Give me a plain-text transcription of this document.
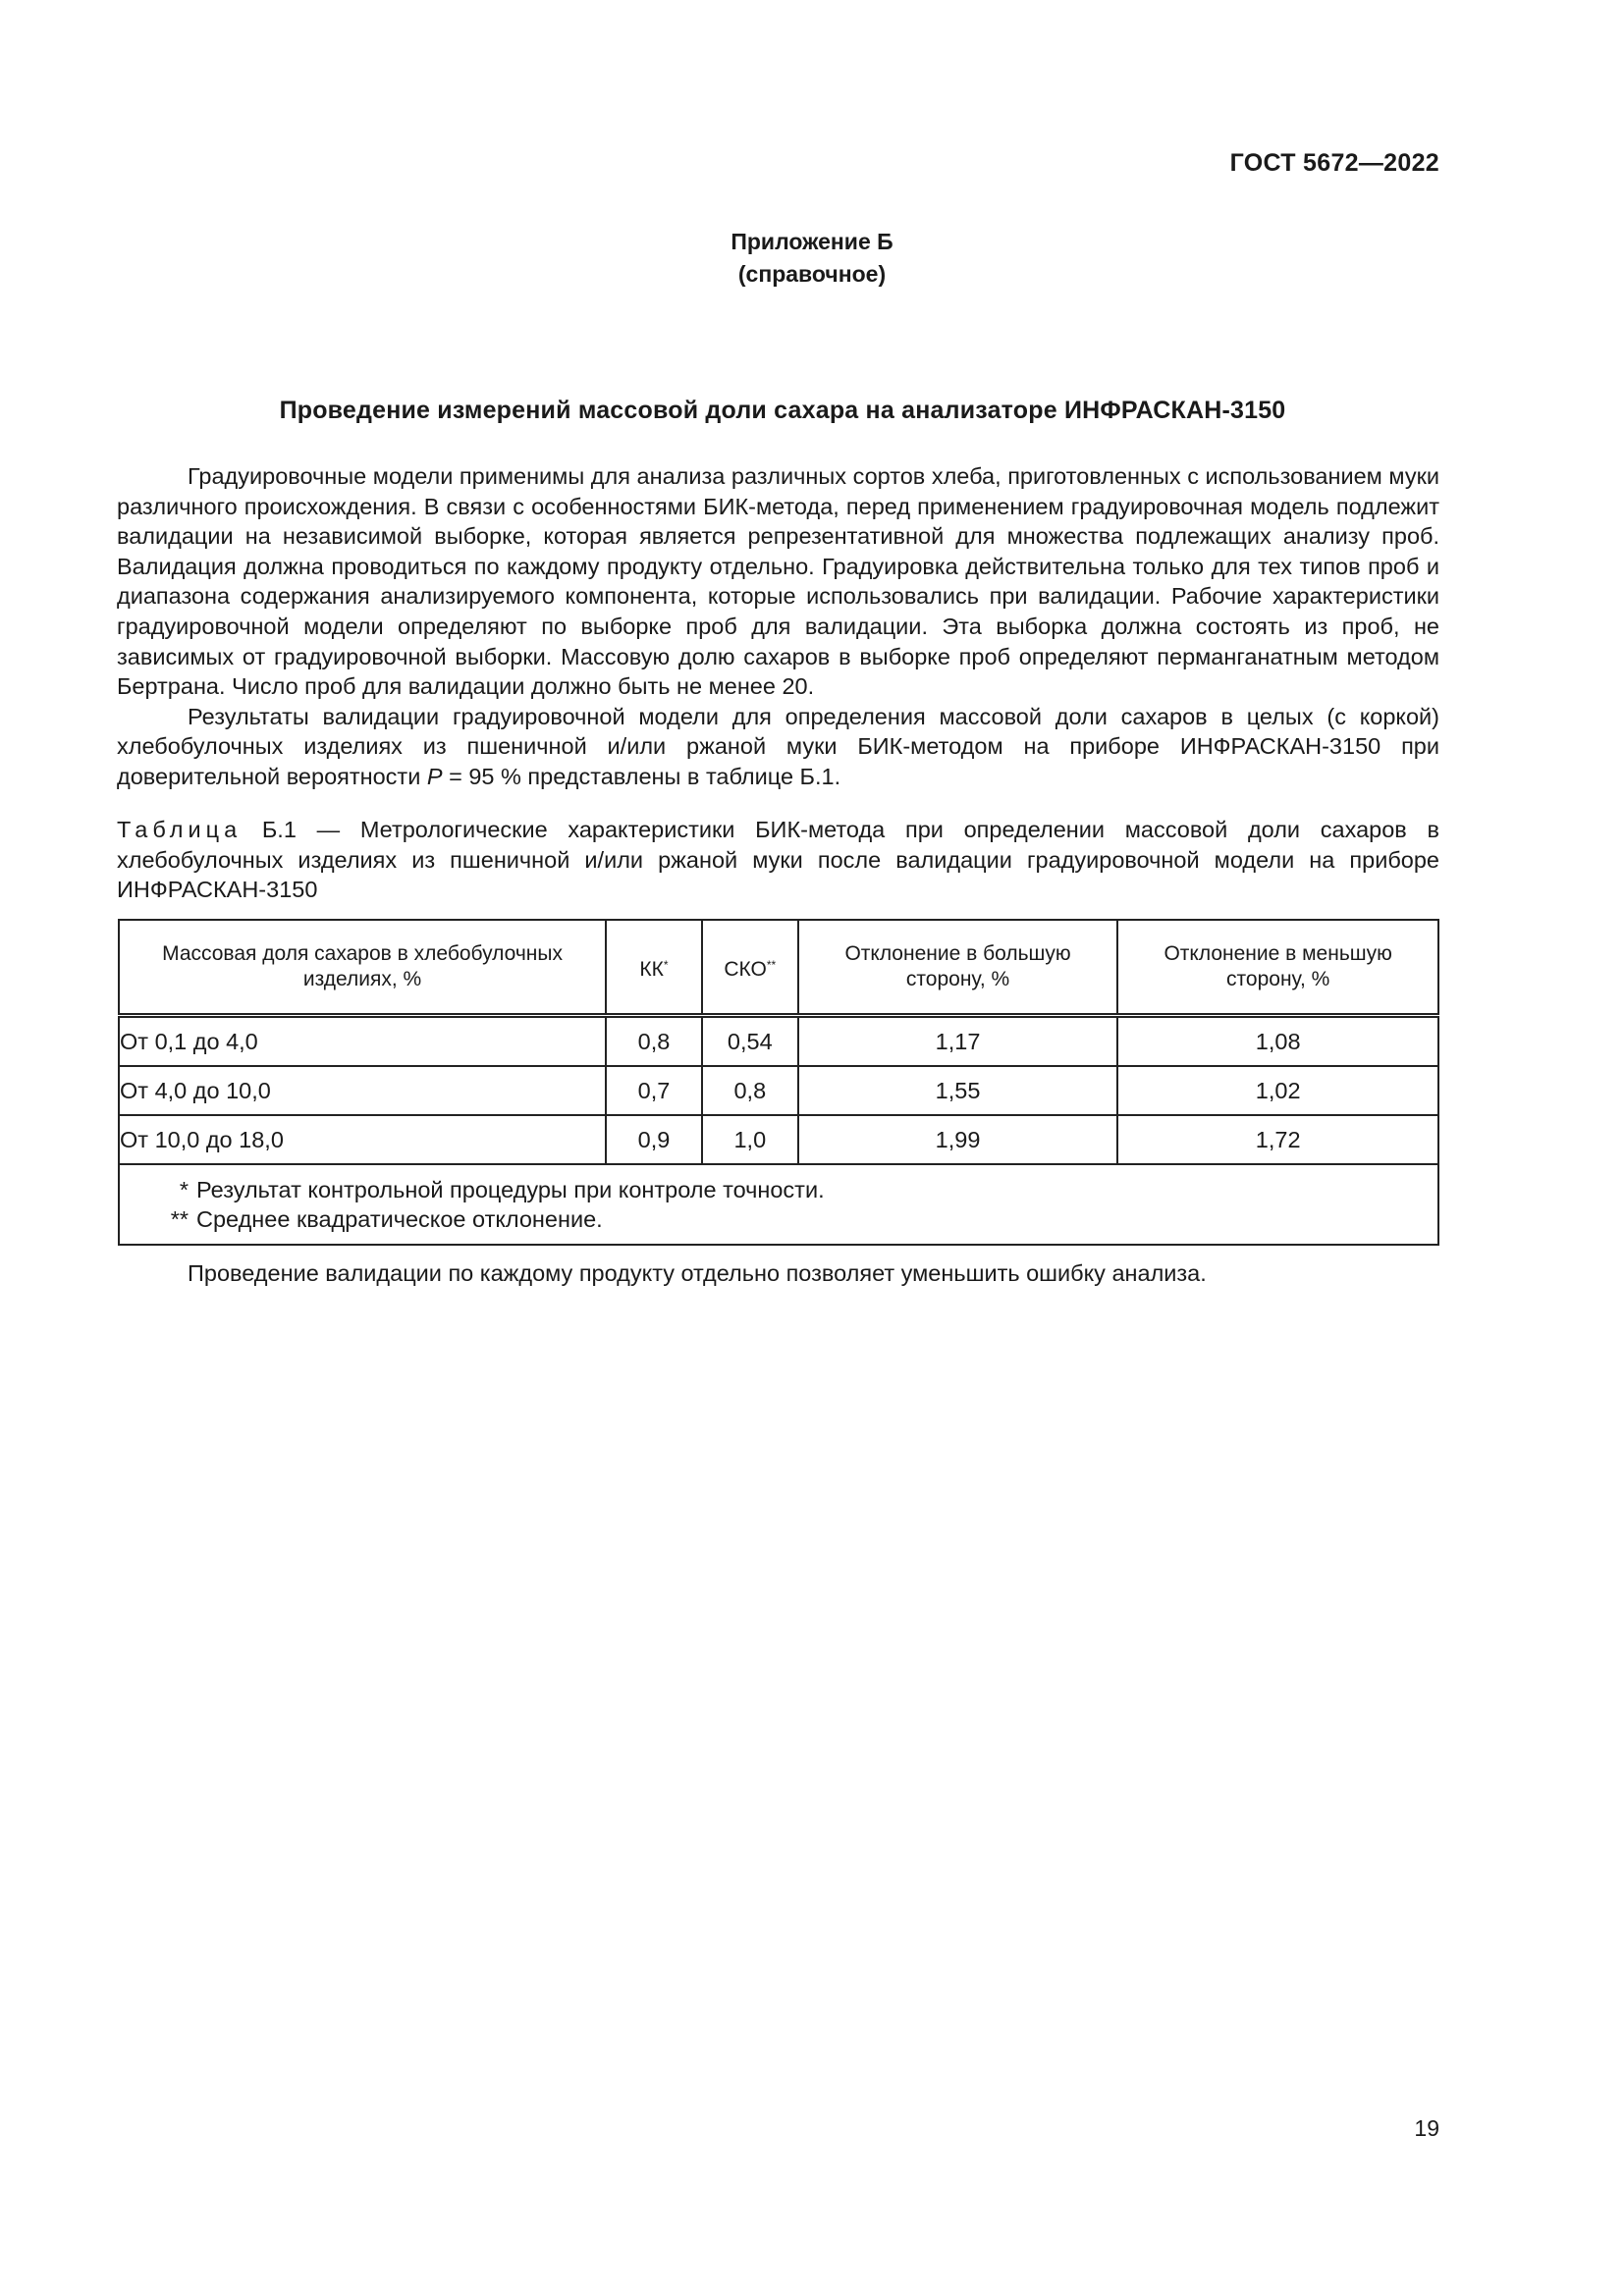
ГОСТ 5672—2022
Приложение Б
(справочное)
Проведение измерений массовой доли сахара на анализаторе ИНФРАСКАН-3150

Градуировочные модели применимы для анализа различных сортов хлеба, приготовленных с использованием муки различного происхождения. В связи с особенностями БИК-метода, перед применением градуировочная модель подлежит валидации на независимой выборке, которая является репрезентативной для множества подлежащих анализу проб. Валидация должна проводиться по каждому продукту отдельно. Градуировка действительна только для тех типов проб и диапазона содержания анализируемого компонента, которые использовались при валидации. Рабочие характеристики градуировочной модели определяют по выборке проб для валидации. Эта выборка должна состоять из проб, не зависимых от градуировочной выборки. Массовую долю сахаров в выборке проб определяют перманганатным методом Бертрана. Число проб для валидации должно быть не менее 20.

Результаты валидации градуировочной модели для определения массовой доли сахаров в целых (с коркой) хлебобулочных изделиях из пшеничной и/или ржаной муки БИК-методом на приборе ИНФРАСКАН-3150 при доверительной вероятности P = 95 % представлены в таблице Б.1.

Таблица Б.1 — Метрологические характеристики БИК-метода при определении массовой доли сахаров в хлебобулочных изделиях из пшеничной и/или ржаной муки после валидации градуировочной модели на приборе ИНФРАСКАН-3150
Массовая доля сахаров в хлебобулочных изделиях, %	КК*	СКО**	Отклонение в большую сторону, %	Отклонение в меньшую сторону, %

От 0,1 до 4,0	0,8	0,54	1,17	1,08
От 4,0 до 10,0	0,7	0,8	1,55	1,02
От 10,0 до 18,0	0,9	1,0	1,99	1,72

* Результат контрольной процедуры при контроле точности.
** Среднее квадратическое отклонение.				
Проведение валидации по каждому продукту отдельно позволяет уменьшить ошибку анализа.
19
